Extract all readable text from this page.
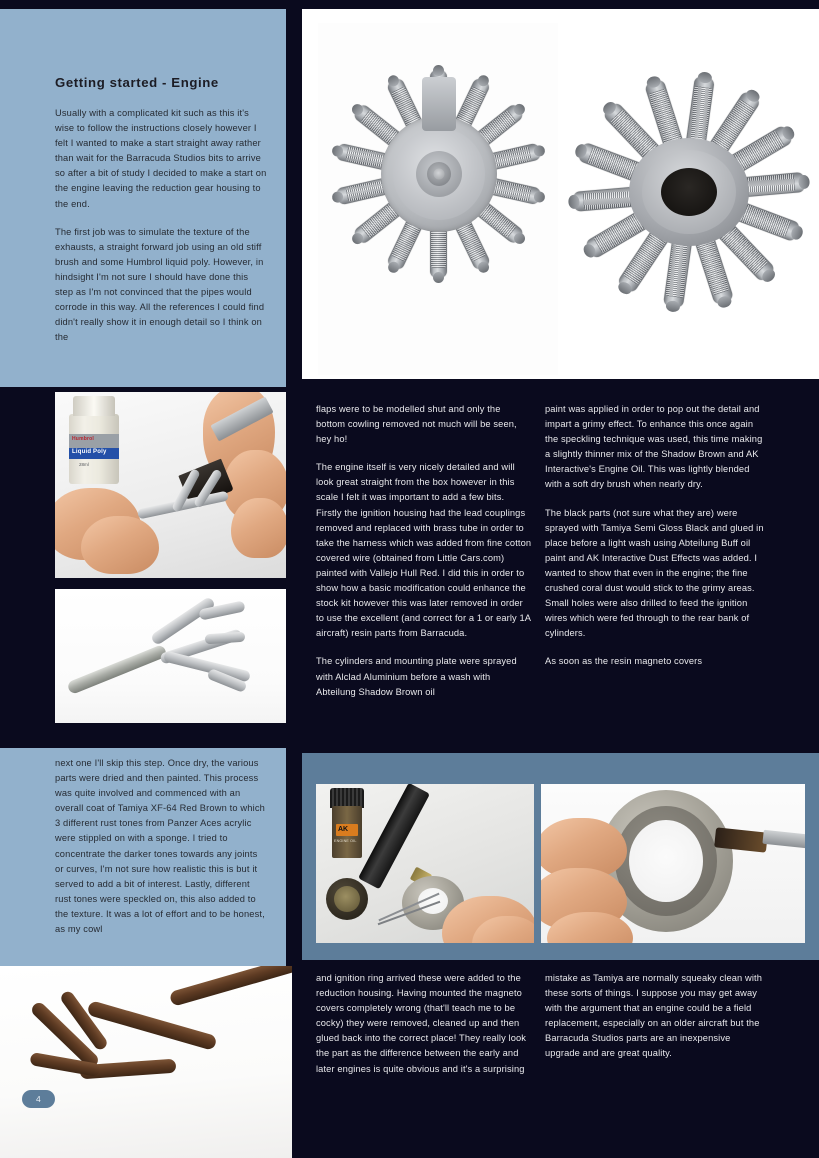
Getting started - Engine

Usually with a complicated kit such as this it's wise to follow the instructions closely however I felt I wanted to make a start straight away rather than wait for the Barracuda Studios bits to arrive so after a bit of study I decided to make a start on the engine leaving the reduction gear housing to the end.

The first job was to simulate the texture of the exhausts, a straight forward job using an old stiff brush and some Humbrol liquid poly. However, in hindsight I'm not sure I should have done this step as I'm not convinced that the pipes would corrode in this way. All the references I could find didn't really show it in enough detail so I think on the

Humbrol
Liquid Poly
28ml

next one I'll skip this step. Once dry, the various parts were dried and then painted. This process was quite involved and commenced with an overall coat of Tamiya XF-64 Red Brown to which 3 different rust tones from Panzer Aces acrylic were stippled on with a sponge. I tried to concentrate the darker tones towards any joints or curves, I'm not sure how realistic this is but it served to add a bit of interest. Lastly, different rust tones were speckled on, this also added to the texture. It was a lot of effort and to be honest, as my cowl

AK
ENGINE OIL

flaps were to be modelled shut and only the bottom cowling removed not much will be seen, hey ho!

The engine itself is very nicely detailed and will look great straight from the box however in this scale I felt it was important to add a few bits. Firstly the ignition housing had the lead couplings removed and replaced with brass tube in order to take the harness which was added from fine cotton covered wire (obtained from Little Cars.com) painted with Vallejo Hull Red. I did this in order to show how a basic modification could enhance the stock kit however this was later removed in order to use the excellent (and correct for a 1 or early 1A aircraft) resin parts from Barracuda.

The cylinders and mounting plate were sprayed with Alclad Aluminium before a wash with Abteilung Shadow Brown oil

paint was applied in order to pop out the detail and impart a grimy effect. To enhance this once again the speckling technique was used, this time making a slightly thinner mix of the Shadow Brown and AK Interactive's Engine Oil. This was lightly blended with a soft dry brush when nearly dry.

The black parts (not sure what they are) were sprayed with Tamiya Semi Gloss Black and glued in place before a light wash using Abteilung Buff oil paint and AK Interactive Dust Effects was added. I wanted to show that even in the engine; the fine crushed coral dust would stick to the grimy areas. Small holes were also drilled to feed the ignition wires which were fed through to the rear bank of cylinders.

As soon as the resin magneto covers

and ignition ring arrived these were added to the reduction housing. Having mounted the magneto covers completely wrong (that'll teach me to be cocky) they were removed, cleaned up and then glued back into the correct place! They really look the part as the difference between the early and later engines is quite obvious and it's a surprising

mistake as Tamiya are normally squeaky clean with these sorts of things. I suppose you may get away with the argument that an engine could be a field replacement, especially on an older aircraft but the Barracuda Studios parts are an inexpensive upgrade and are great quality.

4
